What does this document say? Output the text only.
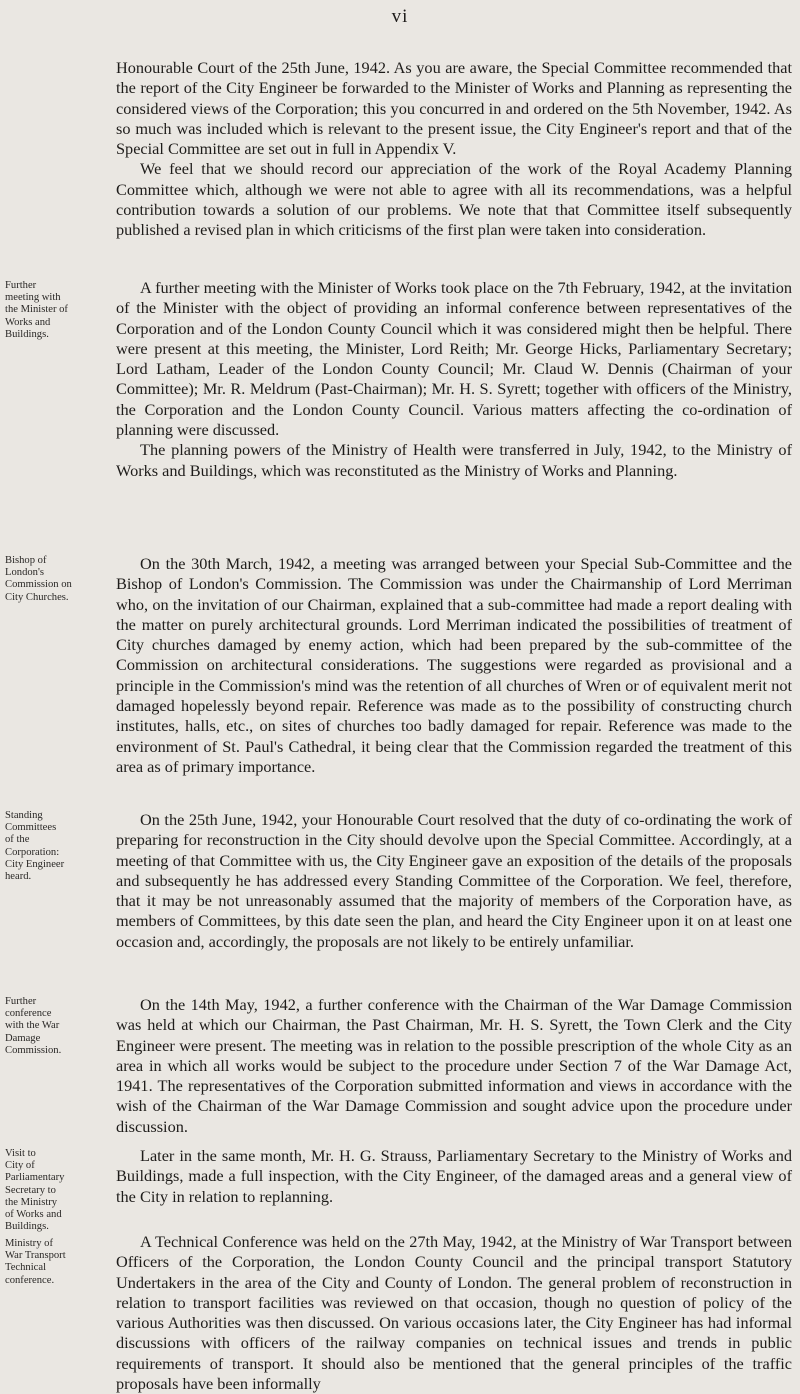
vi

Honourable Court of the 25th June, 1942. As you are aware, the Special Committee recommended that the report of the City Engineer be forwarded to the Minister of Works and Planning as representing the considered views of the Corporation; this you concurred in and ordered on the 5th November, 1942. As so much was included which is relevant to the present issue, the City Engineer's report and that of the Special Committee are set out in full in Appendix V.

We feel that we should record our appreciation of the work of the Royal Academy Planning Committee which, although we were not able to agree with all its recommendations, was a helpful contribution towards a solution of our problems. We note that that Committee itself subsequently published a revised plan in which criticisms of the first plan were taken into consideration.

Further
meeting with
the Minister of
Works and
Buildings.

A further meeting with the Minister of Works took place on the 7th February, 1942, at the invitation of the Minister with the object of providing an informal conference between representatives of the Corporation and of the London County Council which it was considered might then be helpful. There were present at this meeting, the Minister, Lord Reith; Mr. George Hicks, Parliamentary Secretary; Lord Latham, Leader of the London County Council; Mr. Claud W. Dennis (Chairman of your Committee); Mr. R. Meldrum (Past-Chairman); Mr. H. S. Syrett; together with officers of the Ministry, the Corporation and the London County Council. Various matters affecting the co-ordination of planning were discussed.

The planning powers of the Ministry of Health were transferred in July, 1942, to the Ministry of Works and Buildings, which was reconstituted as the Ministry of Works and Planning.

Bishop of
London's
Commission on
City Churches.

On the 30th March, 1942, a meeting was arranged between your Special Sub-Committee and the Bishop of London's Commission. The Commission was under the Chairmanship of Lord Merriman who, on the invitation of our Chairman, explained that a sub-committee had made a report dealing with the matter on purely architectural grounds. Lord Merriman indicated the possibilities of treatment of City churches damaged by enemy action, which had been prepared by the sub-committee of the Commission on architectural considerations. The suggestions were regarded as provisional and a principle in the Commission's mind was the retention of all churches of Wren or of equivalent merit not damaged hopelessly beyond repair. Reference was made as to the possibility of constructing church institutes, halls, etc., on sites of churches too badly damaged for repair. Reference was made to the environment of St. Paul's Cathedral, it being clear that the Commission regarded the treatment of this area as of primary importance.

Standing
Committees
of the
Corporation:
City Engineer
heard.

On the 25th June, 1942, your Honourable Court resolved that the duty of co-ordinating the work of preparing for reconstruction in the City should devolve upon the Special Committee. Accordingly, at a meeting of that Committee with us, the City Engineer gave an exposition of the details of the proposals and subsequently he has addressed every Standing Committee of the Corporation. We feel, therefore, that it may be not unreasonably assumed that the majority of members of the Corporation have, as members of Committees, by this date seen the plan, and heard the City Engineer upon it on at least one occasion and, accordingly, the proposals are not likely to be entirely unfamiliar.

Further
conference
with the War
Damage
Commission.

On the 14th May, 1942, a further conference with the Chairman of the War Damage Commission was held at which our Chairman, the Past Chairman, Mr. H. S. Syrett, the Town Clerk and the City Engineer were present. The meeting was in relation to the possible prescription of the whole City as an area in which all works would be subject to the procedure under Section 7 of the War Damage Act, 1941. The representatives of the Corporation submitted information and views in accordance with the wish of the Chairman of the War Damage Commission and sought advice upon the procedure under discussion.

Visit to
City of
Parliamentary
Secretary to
the Ministry
of Works and
Buildings.

Later in the same month, Mr. H. G. Strauss, Parliamentary Secretary to the Ministry of Works and Buildings, made a full inspection, with the City Engineer, of the damaged areas and a general view of the City in relation to replanning.

Ministry of
War Transport
Technical
conference.

A Technical Conference was held on the 27th May, 1942, at the Ministry of War Transport between Officers of the Corporation, the London County Council and the principal transport Statutory Undertakers in the area of the City and County of London. The general problem of reconstruction in relation to transport facilities was reviewed on that occasion, though no question of policy of the various Authorities was then discussed. On various occasions later, the City Engineer has had informal discussions with officers of the railway companies on technical issues and trends in public requirements of transport. It should also be mentioned that the general principles of the traffic proposals have been informally
